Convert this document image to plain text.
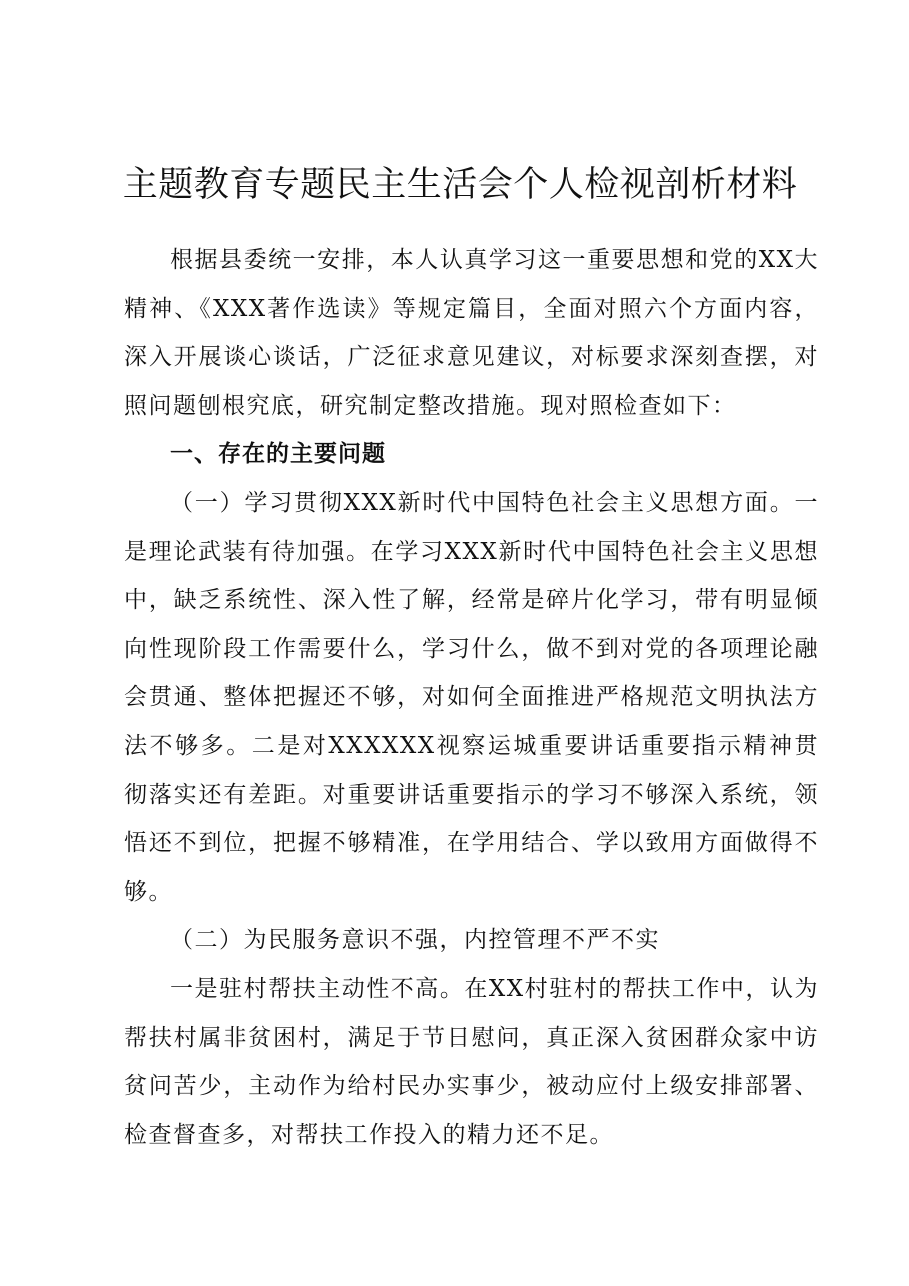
主题教育专题民主生活会个人检视剖析材料

根据县委统一安排，本人认真学习这一重要思想和党的XX大精神、《XXX著作选读》等规定篇目，全面对照六个方面内容，深入开展谈心谈话，广泛征求意见建议，对标要求深刻查摆，对照问题刨根究底，研究制定整改措施。现对照检查如下：

一、存在的主要问题

（一）学习贯彻XXX新时代中国特色社会主义思想方面。一是理论武装有待加强。在学习XXX新时代中国特色社会主义思想中，缺乏系统性、深入性了解，经常是碎片化学习，带有明显倾向性现阶段工作需要什么，学习什么，做不到对党的各项理论融会贯通、整体把握还不够，对如何全面推进严格规范文明执法方法不够多。二是对XXXXXX视察运城重要讲话重要指示精神贯彻落实还有差距。对重要讲话重要指示的学习不够深入系统，领悟还不到位，把握不够精准，在学用结合、学以致用方面做得不够。

（二）为民服务意识不强，内控管理不严不实

一是驻村帮扶主动性不高。在XX村驻村的帮扶工作中，认为帮扶村属非贫困村，满足于节日慰问，真正深入贫困群众家中访贫问苦少，主动作为给村民办实事少，被动应付上级安排部署、检查督查多，对帮扶工作投入的精力还不足。
